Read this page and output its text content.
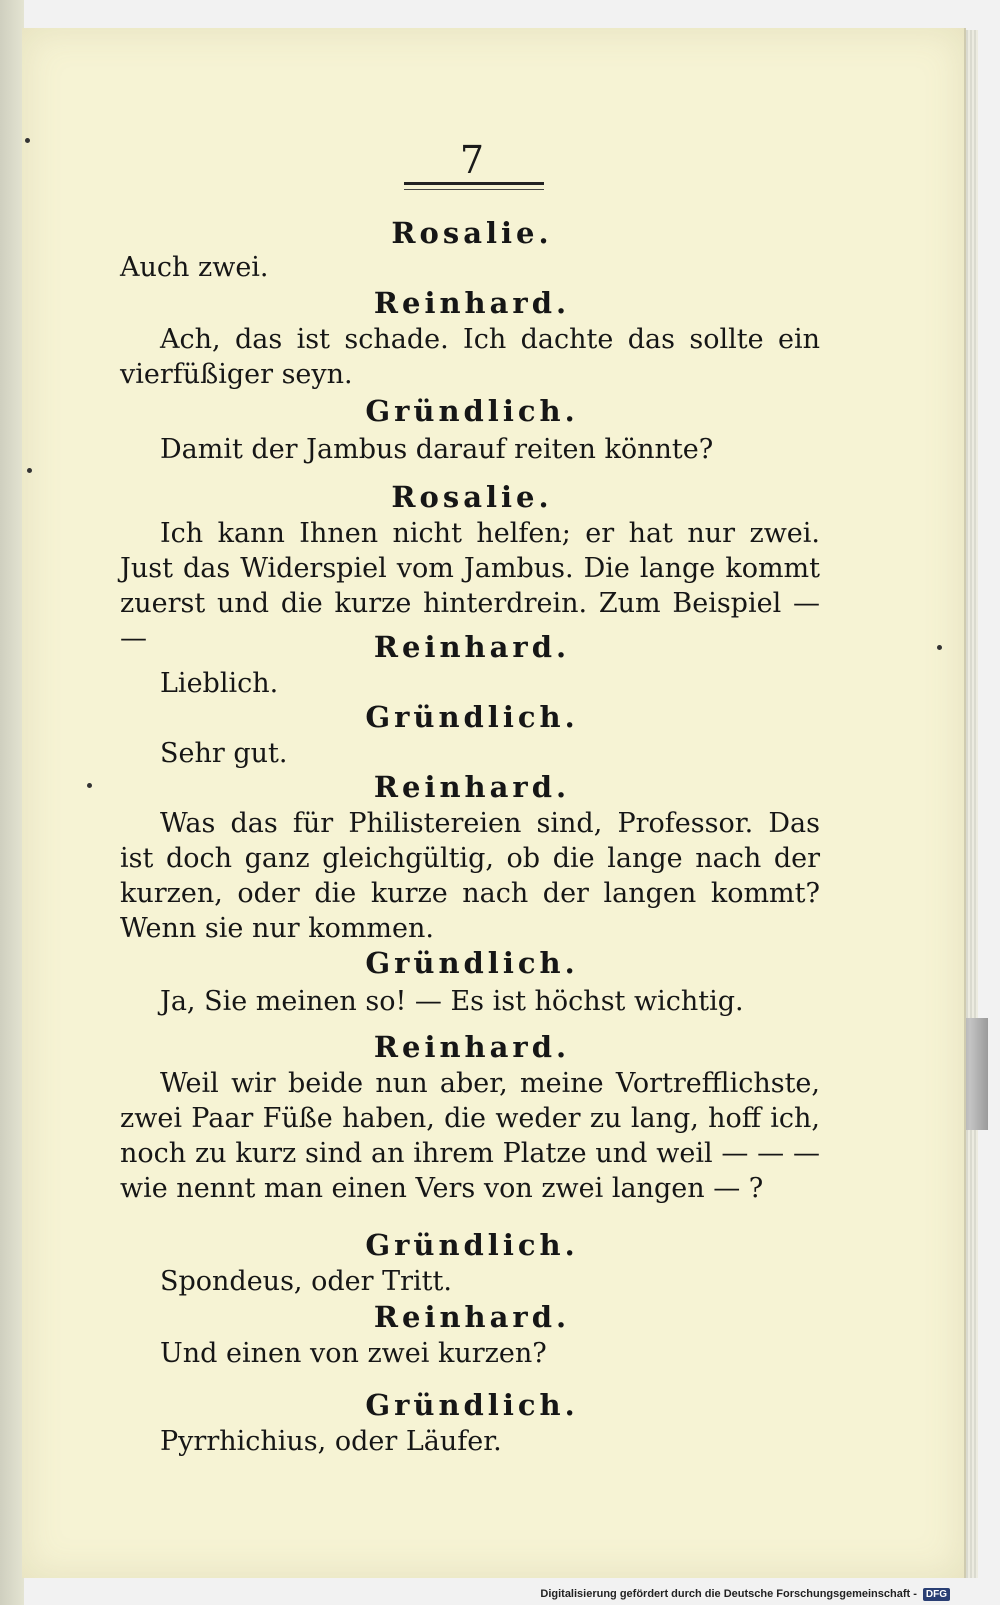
7

Rosalie.

Auch zwei.

Reinhard.

Ach, das ist schade. Ich dachte das sollte ein vierfüßiger seyn.

Gründlich.

Damit der Jambus darauf reiten könnte?

Rosalie.

Ich kann Ihnen nicht helfen; er hat nur zwei. Just das Widerspiel vom Jambus. Die lange kommt zuerst und die kurze hinterdrein. Zum Beispiel — —	Reinhard.

Lieblich.

Gründlich.

Sehr gut.

Reinhard.

Was das für Philistereien sind, Professor. Das ist doch ganz gleichgültig, ob die lange nach der kurzen, oder die kurze nach der langen kommt? Wenn sie nur kommen.

Gründlich.

Ja, Sie meinen so! — Es ist höchst wichtig.

Reinhard.

Weil wir beide nun aber, meine Vortrefflichste, zwei Paar Füße haben, die weder zu lang, hoff ich, noch zu kurz sind an ihrem Platze und weil — — — wie nennt man einen Vers von zwei langen — ?

Gründlich.

Spondeus, oder Tritt.

Reinhard.

Und einen von zwei kurzen?

Gründlich.

Pyrrhichius, oder Läufer.

Digitalisierung gefördert durch die Deutsche Forschungsgemeinschaft - DFG
